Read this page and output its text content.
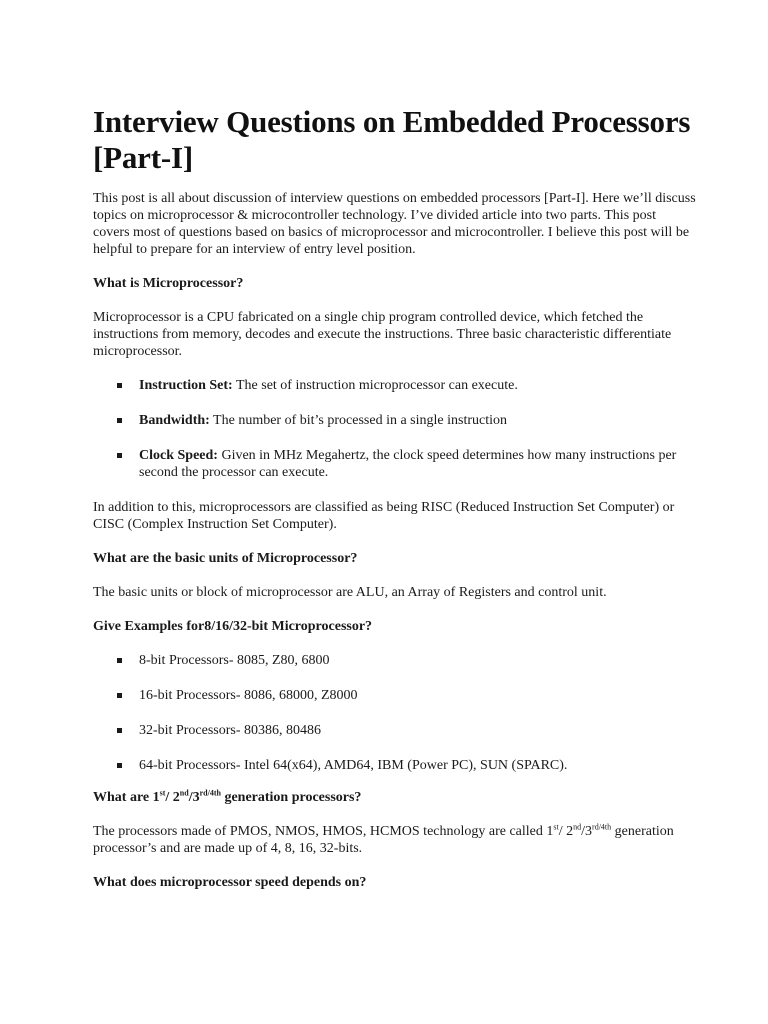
Interview Questions on Embedded Processors [Part-I]

This post is all about discussion of interview questions on embedded processors [Part-I]. Here we’ll discuss topics on microprocessor & microcontroller technology. I’ve divided article into two parts. This post covers most of questions based on basics of microprocessor and microcontroller. I believe this post will be helpful to prepare for an interview of entry level position.

What is Microprocessor?

Microprocessor is a CPU fabricated on a single chip program controlled device, which fetched the instructions from memory, decodes and execute the instructions. Three basic characteristic differentiate microprocessor.

Instruction Set: The set of instruction microprocessor can execute.
Bandwidth: The number of bit’s processed in a single instruction
Clock Speed: Given in MHz Megahertz, the clock speed determines how many instructions per second the processor can execute.

In addition to this, microprocessors are classified as being RISC (Reduced Instruction Set Computer) or CISC (Complex Instruction Set Computer).

What are the basic units of Microprocessor?

The basic units or block of microprocessor are ALU, an Array of Registers and control unit.

Give Examples for8/16/32-bit Microprocessor?

8-bit Processors- 8085, Z80, 6800
16-bit Processors- 8086, 68000, Z8000
32-bit Processors- 80386, 80486
64-bit Processors- Intel 64(x64), AMD64, IBM (Power PC), SUN (SPARC).

What are 1st/ $2nd/3^{rd/4th}$ generation processors?

The processors made of PMOS, NMOS, HMOS, HCMOS technology are called 1st/ $2nd/3^{rd/4th}$ generation processor’s and are made up of 4, 8, 16, 32-bits.

What does microprocessor speed depends on?
